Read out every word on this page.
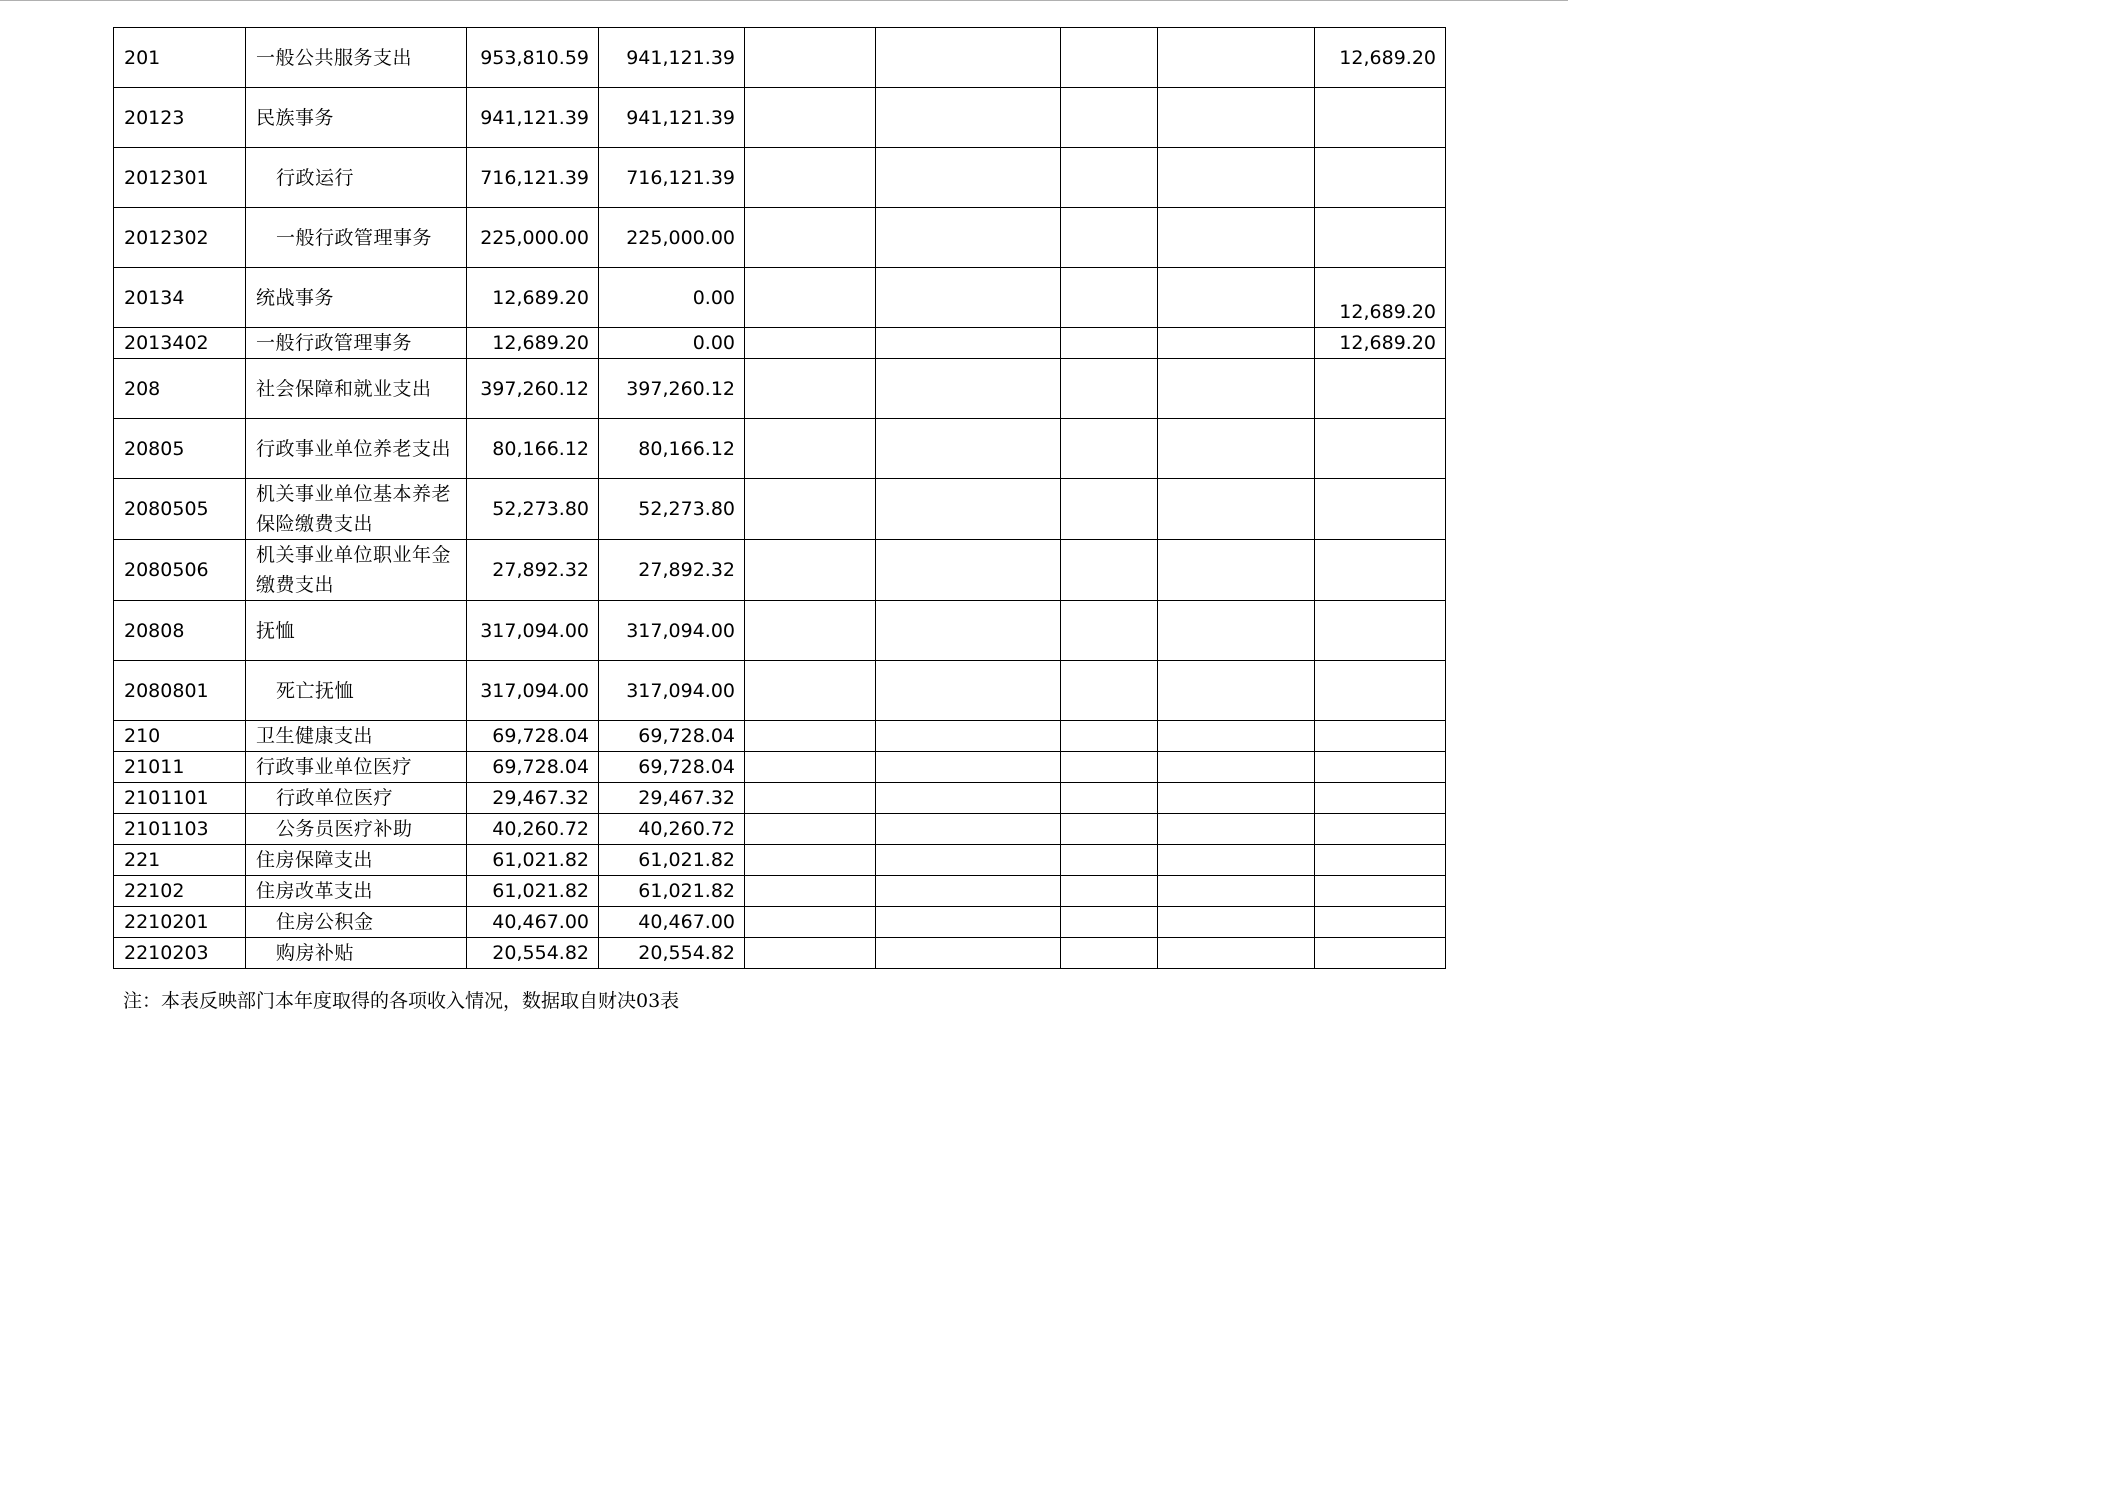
201	一般公共服务支出	953,810.59	941,121.39					12,689.20
20123	民族事务	941,121.39	941,121.39					
2012301	行政运行	716,121.39	716,121.39					
2012302	一般行政管理事务	225,000.00	225,000.00					
20134	统战事务	12,689.20	0.00					12,689.20
2013402	一般行政管理事务	12,689.20	0.00					12,689.20
208	社会保障和就业支出	397,260.12	397,260.12					
20805	行政事业单位养老支出	80,166.12	80,166.12					
2080505	机关事业单位基本养老保险缴费支出	52,273.80	52,273.80					
2080506	机关事业单位职业年金缴费支出	27,892.32	27,892.32					
20808	抚恤	317,094.00	317,094.00					
2080801	死亡抚恤	317,094.00	317,094.00					
210	卫生健康支出	69,728.04	69,728.04					
21011	行政事业单位医疗	69,728.04	69,728.04					
2101101	行政单位医疗	29,467.32	29,467.32					
2101103	公务员医疗补助	40,260.72	40,260.72					
221	住房保障支出	61,021.82	61,021.82					
22102	住房改革支出	61,021.82	61,021.82					
2210201	住房公积金	40,467.00	40,467.00					
2210203	购房补贴	20,554.82	20,554.82					
注：本表反映部门本年度取得的各项收入情况，数据取自财决03表
